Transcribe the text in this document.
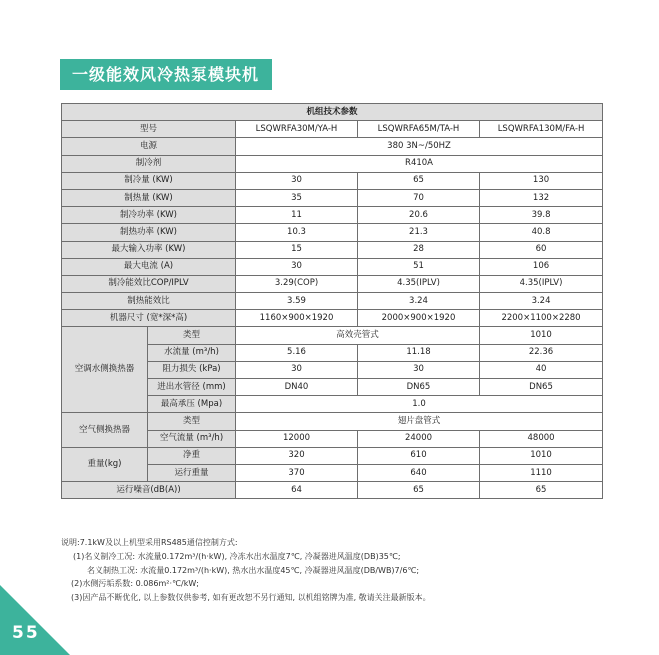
一级能效风冷热泵模块机
机组技术参数				
型号		LSQWRFA30M/YA-H	LSQWRFA65M/TA-H	LSQWRFA130M/FA-H
电源		380 3N~/50HZ		
制冷剂		R410A		
制冷量 (KW)		30	65	130
制热量 (KW)		35	70	132
制冷功率 (KW)		11	20.6	39.8
制热功率 (KW)		10.3	21.3	40.8
最大输入功率 (KW)		15	28	60
最大电流 (A)		30	51	106
制冷能效比COP/IPLV		3.29(COP)	4.35(IPLV)	4.35(IPLV)
制热能效比		3.59	3.24	3.24
机器尺寸 (宽*深*高)		1160×900×1920	2000×900×1920	2200×1100×2280
空调水侧换热器	类型	高效壳管式		1010
	水流量 (m³/h)	5.16	11.18	22.36
	阻力损失 (kPa)	30	30	40
	进出水管径 (mm)	DN40	DN65	DN65
	最高承压 (Mpa)	1.0		
空气侧换热器	类型	翅片盘管式		
	空气流量 (m³/h)	12000	24000	48000
重量(kg)	净重	320	610	1010
	运行重量	370	640	1110
运行噪音(dB(A))		64	65	65
说明:7.1kW及以上机型采用RS485通信控制方式:
(1)名义制冷工况: 水流量0.172m³/(h·kW), 冷冻水出水温度7℃, 冷凝器进风温度(DB)35℃;
名义制热工况: 水流量0.172m³/(h·kW), 热水出水温度45℃, 冷凝器进风温度(DB/WB)7/6℃;
(2)水侧污垢系数: 0.086m²·℃/kW;
(3)因产品不断优化, 以上参数仅供参考, 如有更改恕不另行通知, 以机组铭牌为准, 敬请关注最新版本。
55
